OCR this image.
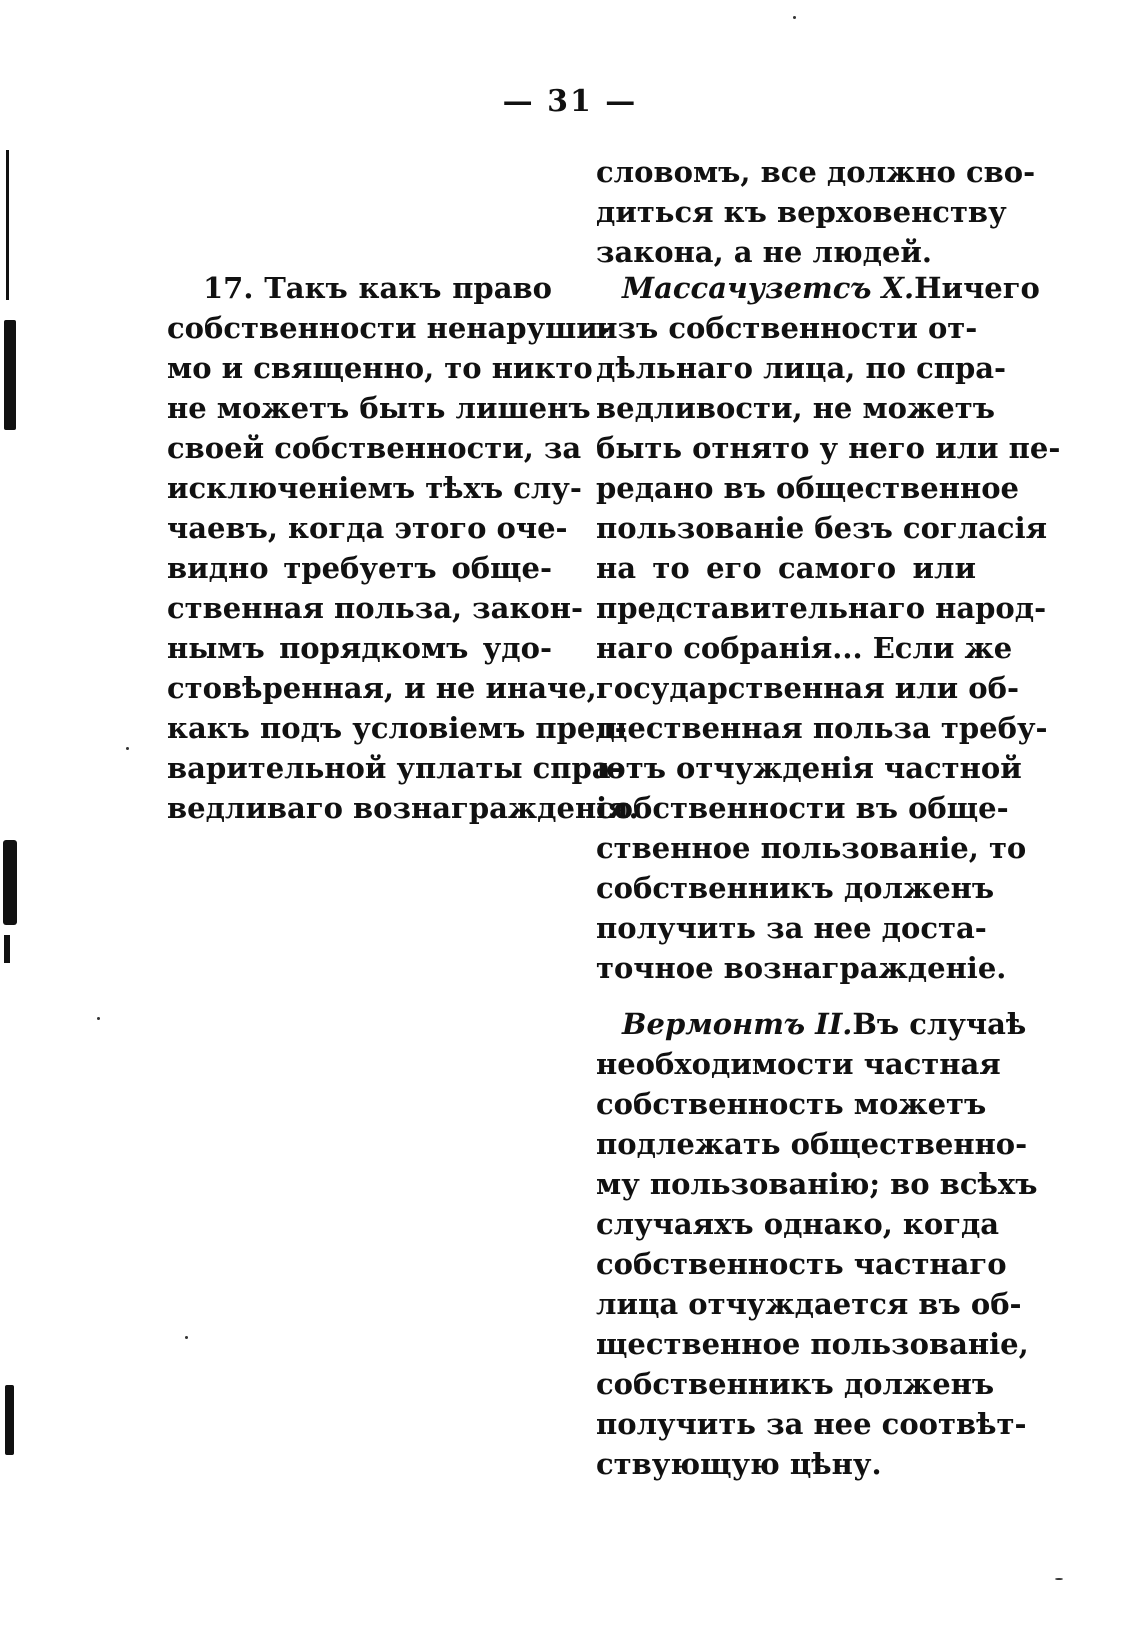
— 31 —
17. Такъ какъ право
собственности ненаруши-
мо и священно, то никто
не можетъ быть лишенъ
своей собственности, за
исключенiемъ тѣхъ слу-
чаевъ, когда этого оче-
видно требуетъ обще-
ственная польза, закон-
нымъ порядкомъ удо-
стовѣренная, и не иначе,
какъ подъ условiемъ пред-
варительной уплаты спра-
ведливаго вознагражденiя.
словомъ, все должно сво-
диться къ верховенству
закона, а не людей.
Массачузетсъ X.Ничего
изъ собственности от-
дѣльнаго лица, по спра-
ведливости, не можетъ
быть отнято у него или пе-
редано въ общественное
пользованiе безъ согласiя
на то его самого или
представительнаго народ-
наго собранiя... Если же
государственная или об-
щественная польза требу-
ютъ отчужденiя частной
собственности въ обще-
ственное пользованiе, то
собственникъ долженъ
получить за нее доста-
точное вознагражденiе.
Вермонтъ II.Въ случаѣ
необходимости частная
собственность можетъ
подлежать общественно-
му пользованiю; во всѣхъ
случаяхъ однако, когда
собственность частнаго
лица отчуждается въ об-
щественное пользованiе,
собственникъ долженъ
получить за нее соотвѣт-
ствующую цѣну.
